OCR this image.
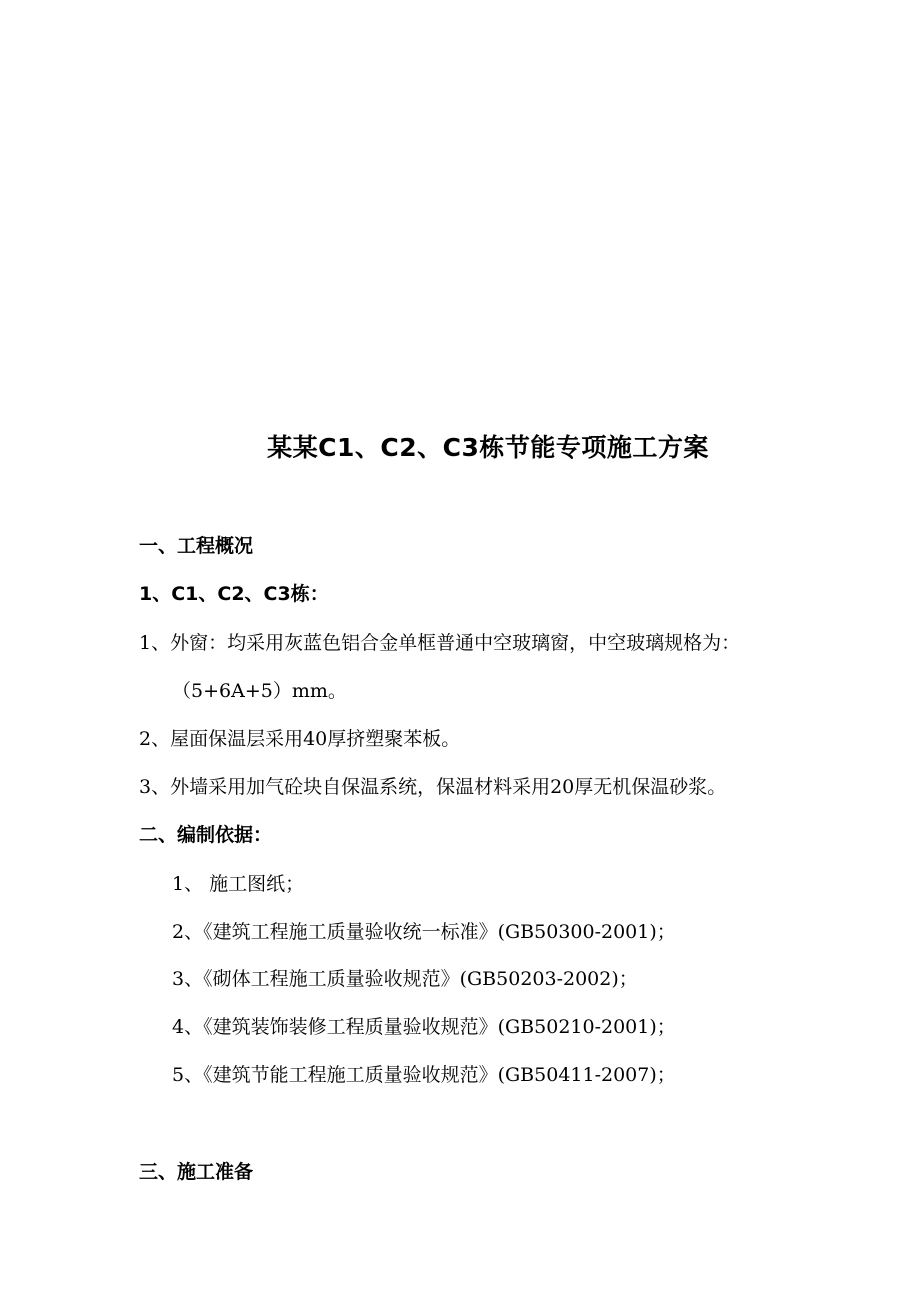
某某C1、C2、C3栋节能专项施工方案
一、工程概况
1、C1、C2、C3栋：
1、外窗：均采用灰蓝色铝合金单框普通中空玻璃窗，中空玻璃规格为：
（5+6A+5）mm。
2、屋面保温层采用40厚挤塑聚苯板。
3、外墙采用加气砼块自保温系统，保温材料采用20厚无机保温砂浆。
二、编制依据：
1、 施工图纸；
2、《建筑工程施工质量验收统一标准》(GB50300-2001)；
3、《砌体工程施工质量验收规范》(GB50203-2002)；
4、《建筑装饰装修工程质量验收规范》(GB50210-2001)；
5、《建筑节能工程施工质量验收规范》(GB50411-2007)；
三、施工准备
